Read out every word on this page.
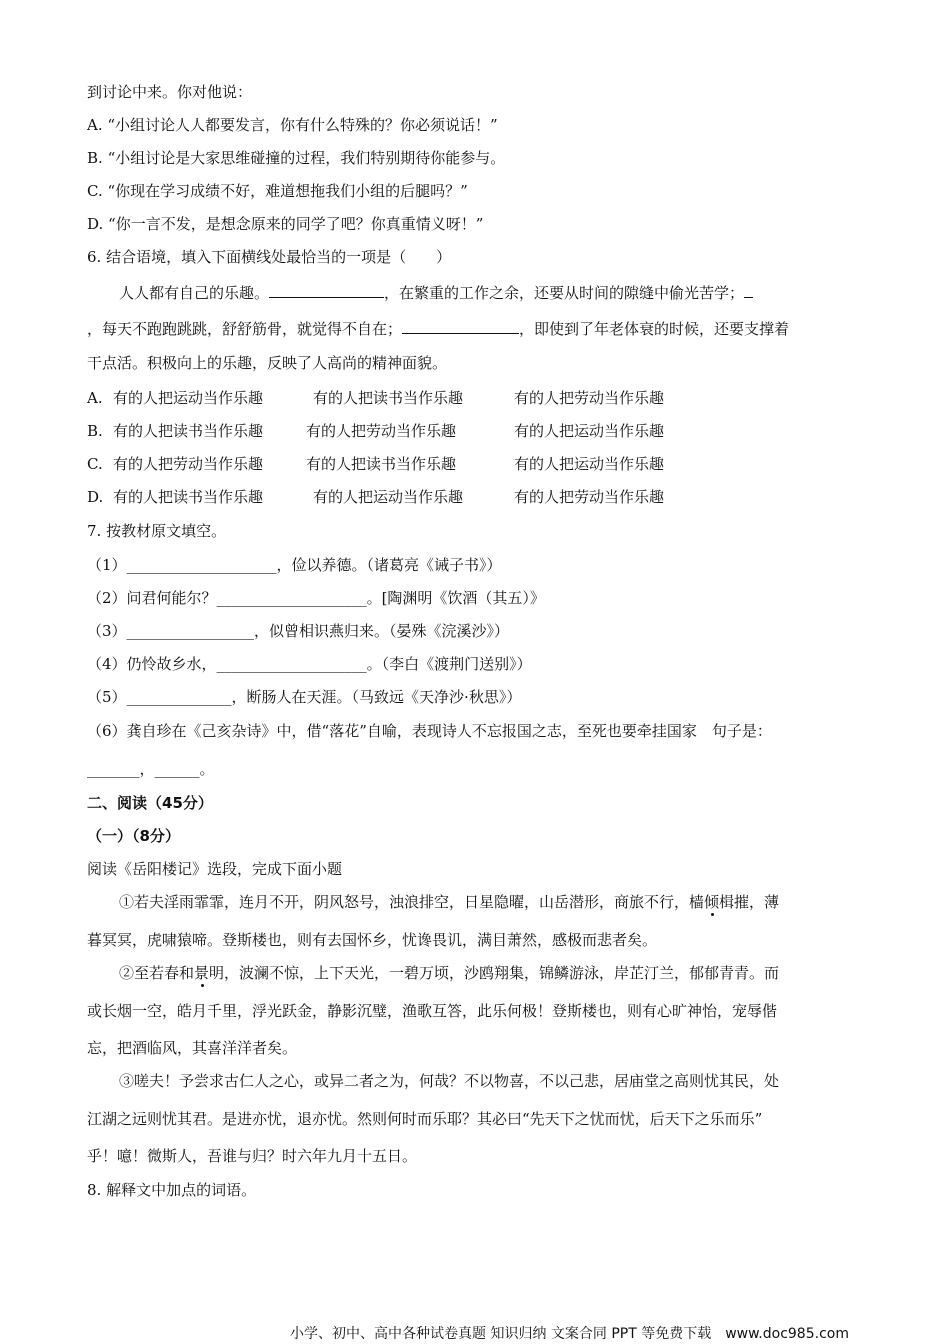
到讨论中来。你对他说：
A. “小组讨论人人都要发言，你有什么特殊的？你必须说话！”
B. “小组讨论是大家思维碰撞的过程，我们特别期待你能参与。
C. “你现在学习成绩不好，难道想拖我们小组的后腿吗？”
D. “你一言不发，是想念原来的同学了吧？你真重情义呀！”
6. 结合语境，填入下面横线处最恰当的一项是（　　）
人人都有自己的乐趣。	，在繁重的工作之余，还要从时间的隙缝中偷光苦学；
，每天不跑跑跳跳，舒舒筋骨，就觉得不自在；	，即使到了年老体衰的时候，还要支撑着
干点活。积极向上的乐趣，反映了人高尚的精神面貌。
A. 有的人把运动当作乐趣	有的人把读书当作乐趣	有的人把劳动当作乐趣
B. 有的人把读书当作乐趣	有的人把劳动当作乐趣	有的人把运动当作乐趣
C. 有的人把劳动当作乐趣	有的人把读书当作乐趣	有的人把运动当作乐趣
D. 有的人把读书当作乐趣	有的人把运动当作乐趣	有的人把劳动当作乐趣
7. 按教材原文填空。
（1）____________________，俭以养德。（诸葛亮《诫子书》）
（2）问君何能尔？____________________。[陶渊明《饮酒（其五）》
（3）_________________，似曾相识燕归来。（晏殊《浣溪沙》）
（4）仍怜故乡水，____________________。（李白《渡荆门送别》）
（5）______________，断肠人在天涯。（马致远《天净沙·秋思》）
（6）龚自珍在《己亥杂诗》中，借“落花”自喻，表现诗人不忘报国之志，至死也要牵挂国家　句子是：
_______，______。
二、阅读（45分）
（一）（8分）
阅读《岳阳楼记》选段，完成下面小题
①若夫淫雨霏霏，连月不开，阴风怒号，浊浪排空，日星隐曜，山岳潜形，商旅不行，樯倾楫摧，薄
暮冥冥，虎啸猿啼。登斯楼也，则有去国怀乡，忧谗畏讥，满目萧然，感极而悲者矣。
②至若春和景明，波澜不惊，上下天光，一碧万顷，沙鸥翔集，锦鳞游泳，岸芷汀兰，郁郁青青。而
或长烟一空，皓月千里，浮光跃金，静影沉璧，渔歌互答，此乐何极！登斯楼也，则有心旷神怡，宠辱偕
忘，把酒临风，其喜洋洋者矣。
③嗟夫！予尝求古仁人之心，或异二者之为，何哉？不以物喜，不以己悲，居庙堂之高则忧其民，处
江湖之远则忧其君。是进亦忧，退亦忧。然则何时而乐耶？其必曰“先天下之忧而忧，后天下之乐而乐”
乎！噫！微斯人，吾谁与归？时六年九月十五日。
8. 解释文中加点的词语。
小学、初中、高中各种试卷真题 知识归纳 文案合同 PPT 等免费下载　www.doc985.com
